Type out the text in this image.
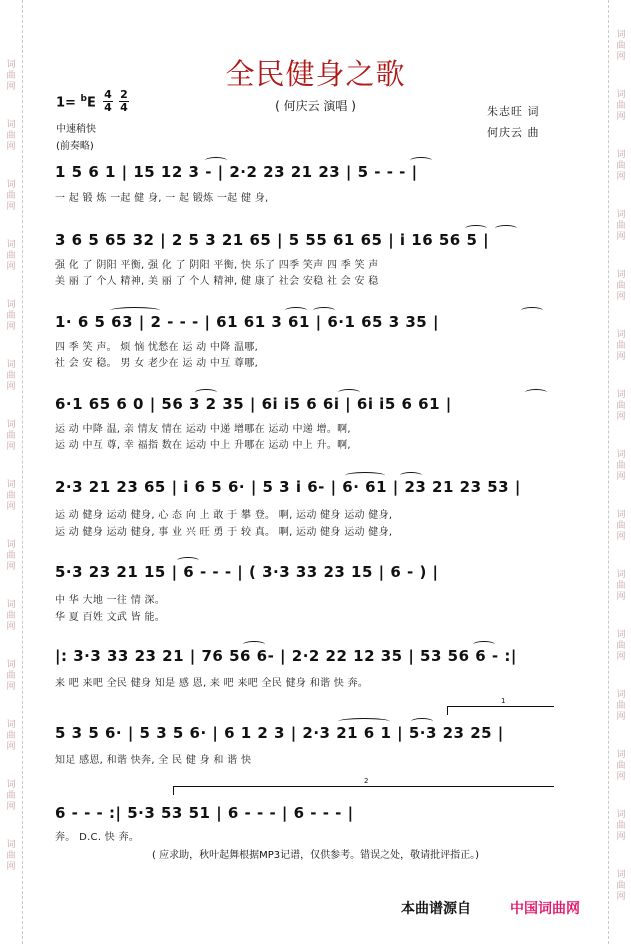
词曲网
词曲网
词曲网
词曲网
词曲网
词曲网
词曲网
词曲网
词曲网
词曲网
词曲网
词曲网
词曲网
词曲网
词曲网
词曲网
词曲网
词曲网
词曲网
词曲网
词曲网
词曲网
词曲网
词曲网
词曲网
词曲网
词曲网
词曲网
词曲网
全民健身之歌
( 何庆云 演唱 )
1= $^b$E
4
4
2
4
中速稍快
(前奏略)
朱志旺 词
何庆云 曲
1 5 6 1 | 15 12 3 - | 2·2 23 21 23 | 5 - - - |
一 起 锻 炼 一起 健 身, 一 起 锻炼 一起 健 身,
3 6 5 65 32 | 2 5 3 21 65 | 5 55 61 65 | i 16 56 5 |
强 化 了 阴阳 平衡, 强 化 了 阴阳 平衡, 快 乐了 四季 笑声 四 季 笑 声
美 丽 了 个人 精神, 美 丽 了 个人 精神, 健 康了 社会 安稳 社 会 安 稳
1· 6 5 63 | 2 - - - | 61 61 3 61 | 6·1 65 3 35 |
四 季 笑 声。 烦 恼 忧愁在 运 动 中降 温哪,
社 会 安 稳。 男 女 老少在 运 动 中互 尊哪,
6·1 65 6 0 | 56 3 2 35 | 6i i5 6 6i | 6i i5 6 61 |
运 动 中降 温, 亲 情友 情在 运动 中递 增哪在 运动 中递 增。啊,
运 动 中互 尊, 幸 福指 数在 运动 中上 升哪在 运动 中上 升。啊,
2·3 21 23 65 | i 6 5 6· | 5 3 i 6- | 6· 61 | 23 21 23 53 |
运 动 健身 运动 健身, 心 态 向 上 敢 于 攀 登。 啊, 运动 健身 运动 健身,
运 动 健身 运动 健身, 事 业 兴 旺 勇 于 较 真。 啊, 运动 健身 运动 健身,
5·3 23 21 15 | 6 - - - | ( 3·3 33 23 15 | 6 - ) |
中 华 大地 一往 情 深。
华 夏 百姓 文武 皆 能。
|: 3·3 33 23 21 | 76 56 6- | 2·2 22 12 35 | 53 56 6 - :|
来 吧 来吧 全民 健身 知是 感 恩, 来 吧 来吧 全民 健身 和谐 快 奔。
5 3 5 6· | 5 3 5 6· | 6 1 2 3 | 2·3 21 6 1 | 5·3 23 25 |
1
知足 感恩, 和谐 快奔, 全 民 健 身 和 谐 快
6 - - - :| 5·3 53 51 | 6 - - - | 6 - - - |
2
奔。 D.C. 快 奔。
( 应求助，秋叶起舞根据MP3记谱，仅供参考。错误之处，敬请批评指正。)
本曲谱源自	中国词曲网
